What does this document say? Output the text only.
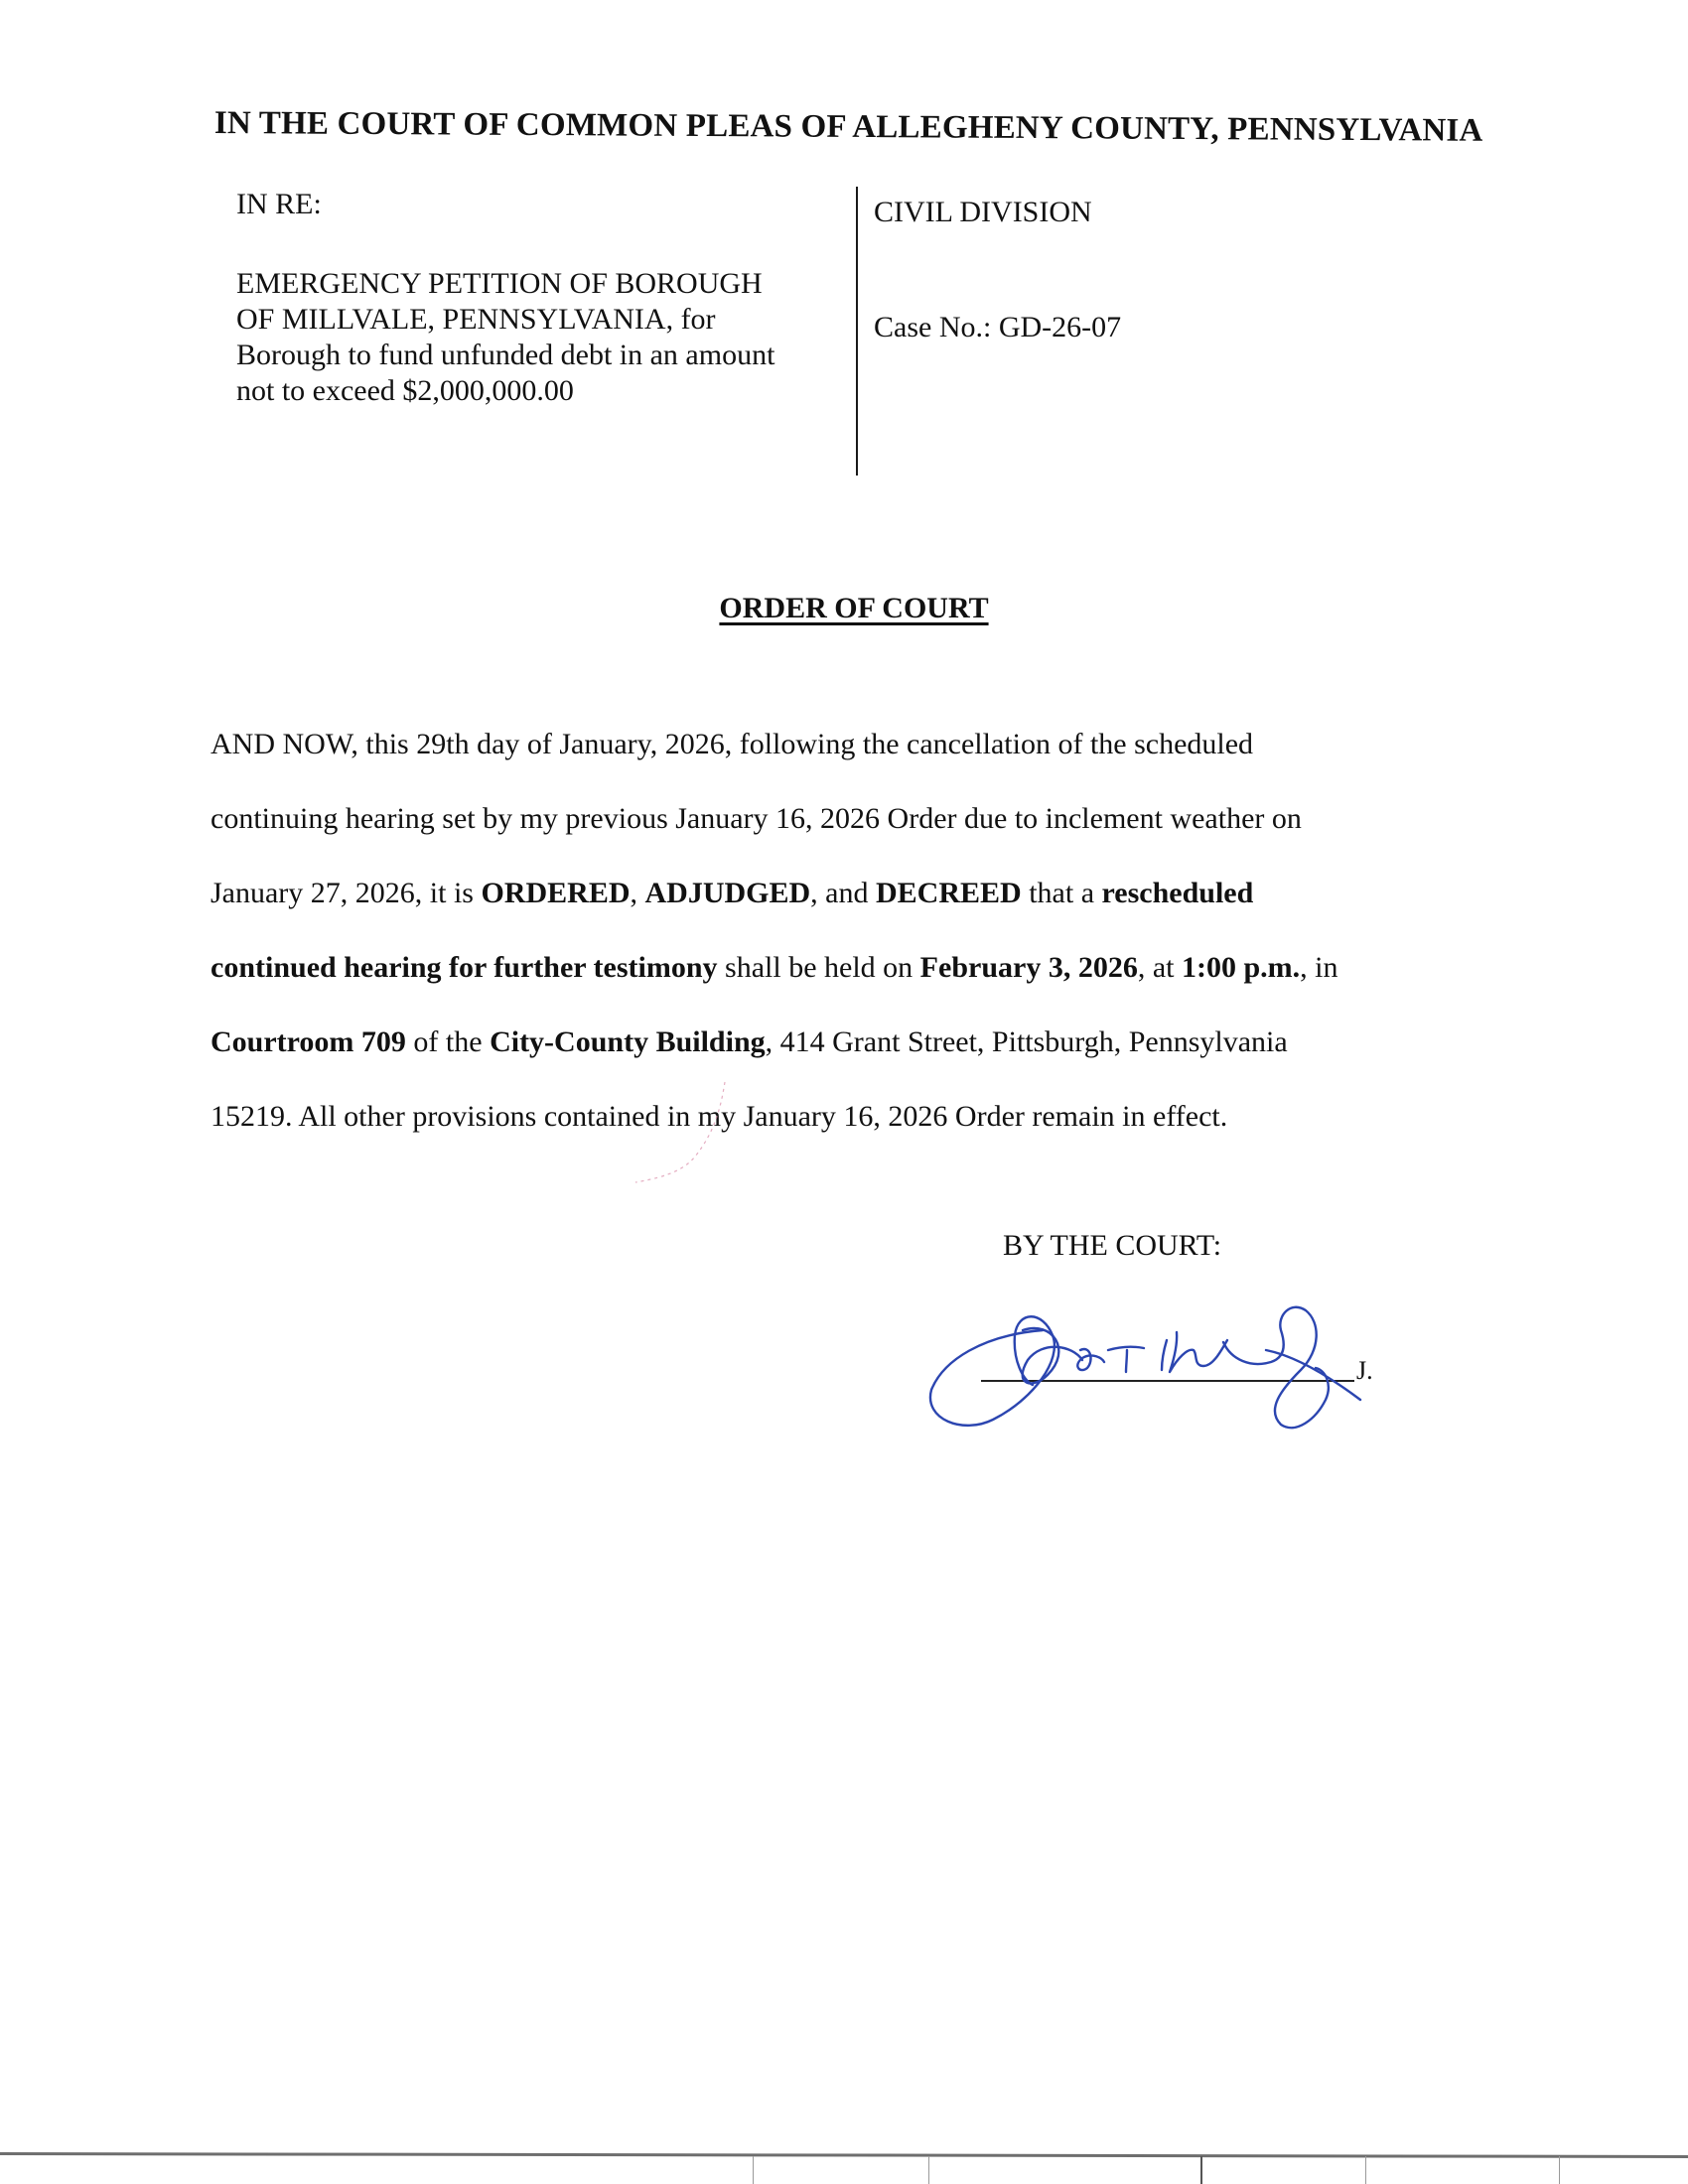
IN THE COURT OF COMMON PLEAS OF ALLEGHENY COUNTY, PENNSYLVANIA
IN RE:
EMERGENCY PETITION OF BOROUGH
OF MILLVALE, PENNSYLVANIA, for
Borough to fund unfunded debt in an amount
not to exceed $2,000,000.00
CIVIL DIVISION
Case No.: GD-26-07
ORDER OF COURT
AND NOW, this 29th day of January, 2026, following the cancellation of the scheduled
continuing hearing set by my previous January 16, 2026 Order due to inclement weather on
January 27, 2026, it is ORDERED, ADJUDGED, and DECREED that a rescheduled
continued hearing for further testimony shall be held on February 3, 2026, at 1:00 p.m., in
Courtroom 709 of the City-County Building, 414 Grant Street, Pittsburgh, Pennsylvania
15219. All other provisions contained in my January 16, 2026 Order remain in effect.
BY THE COURT:
J.
